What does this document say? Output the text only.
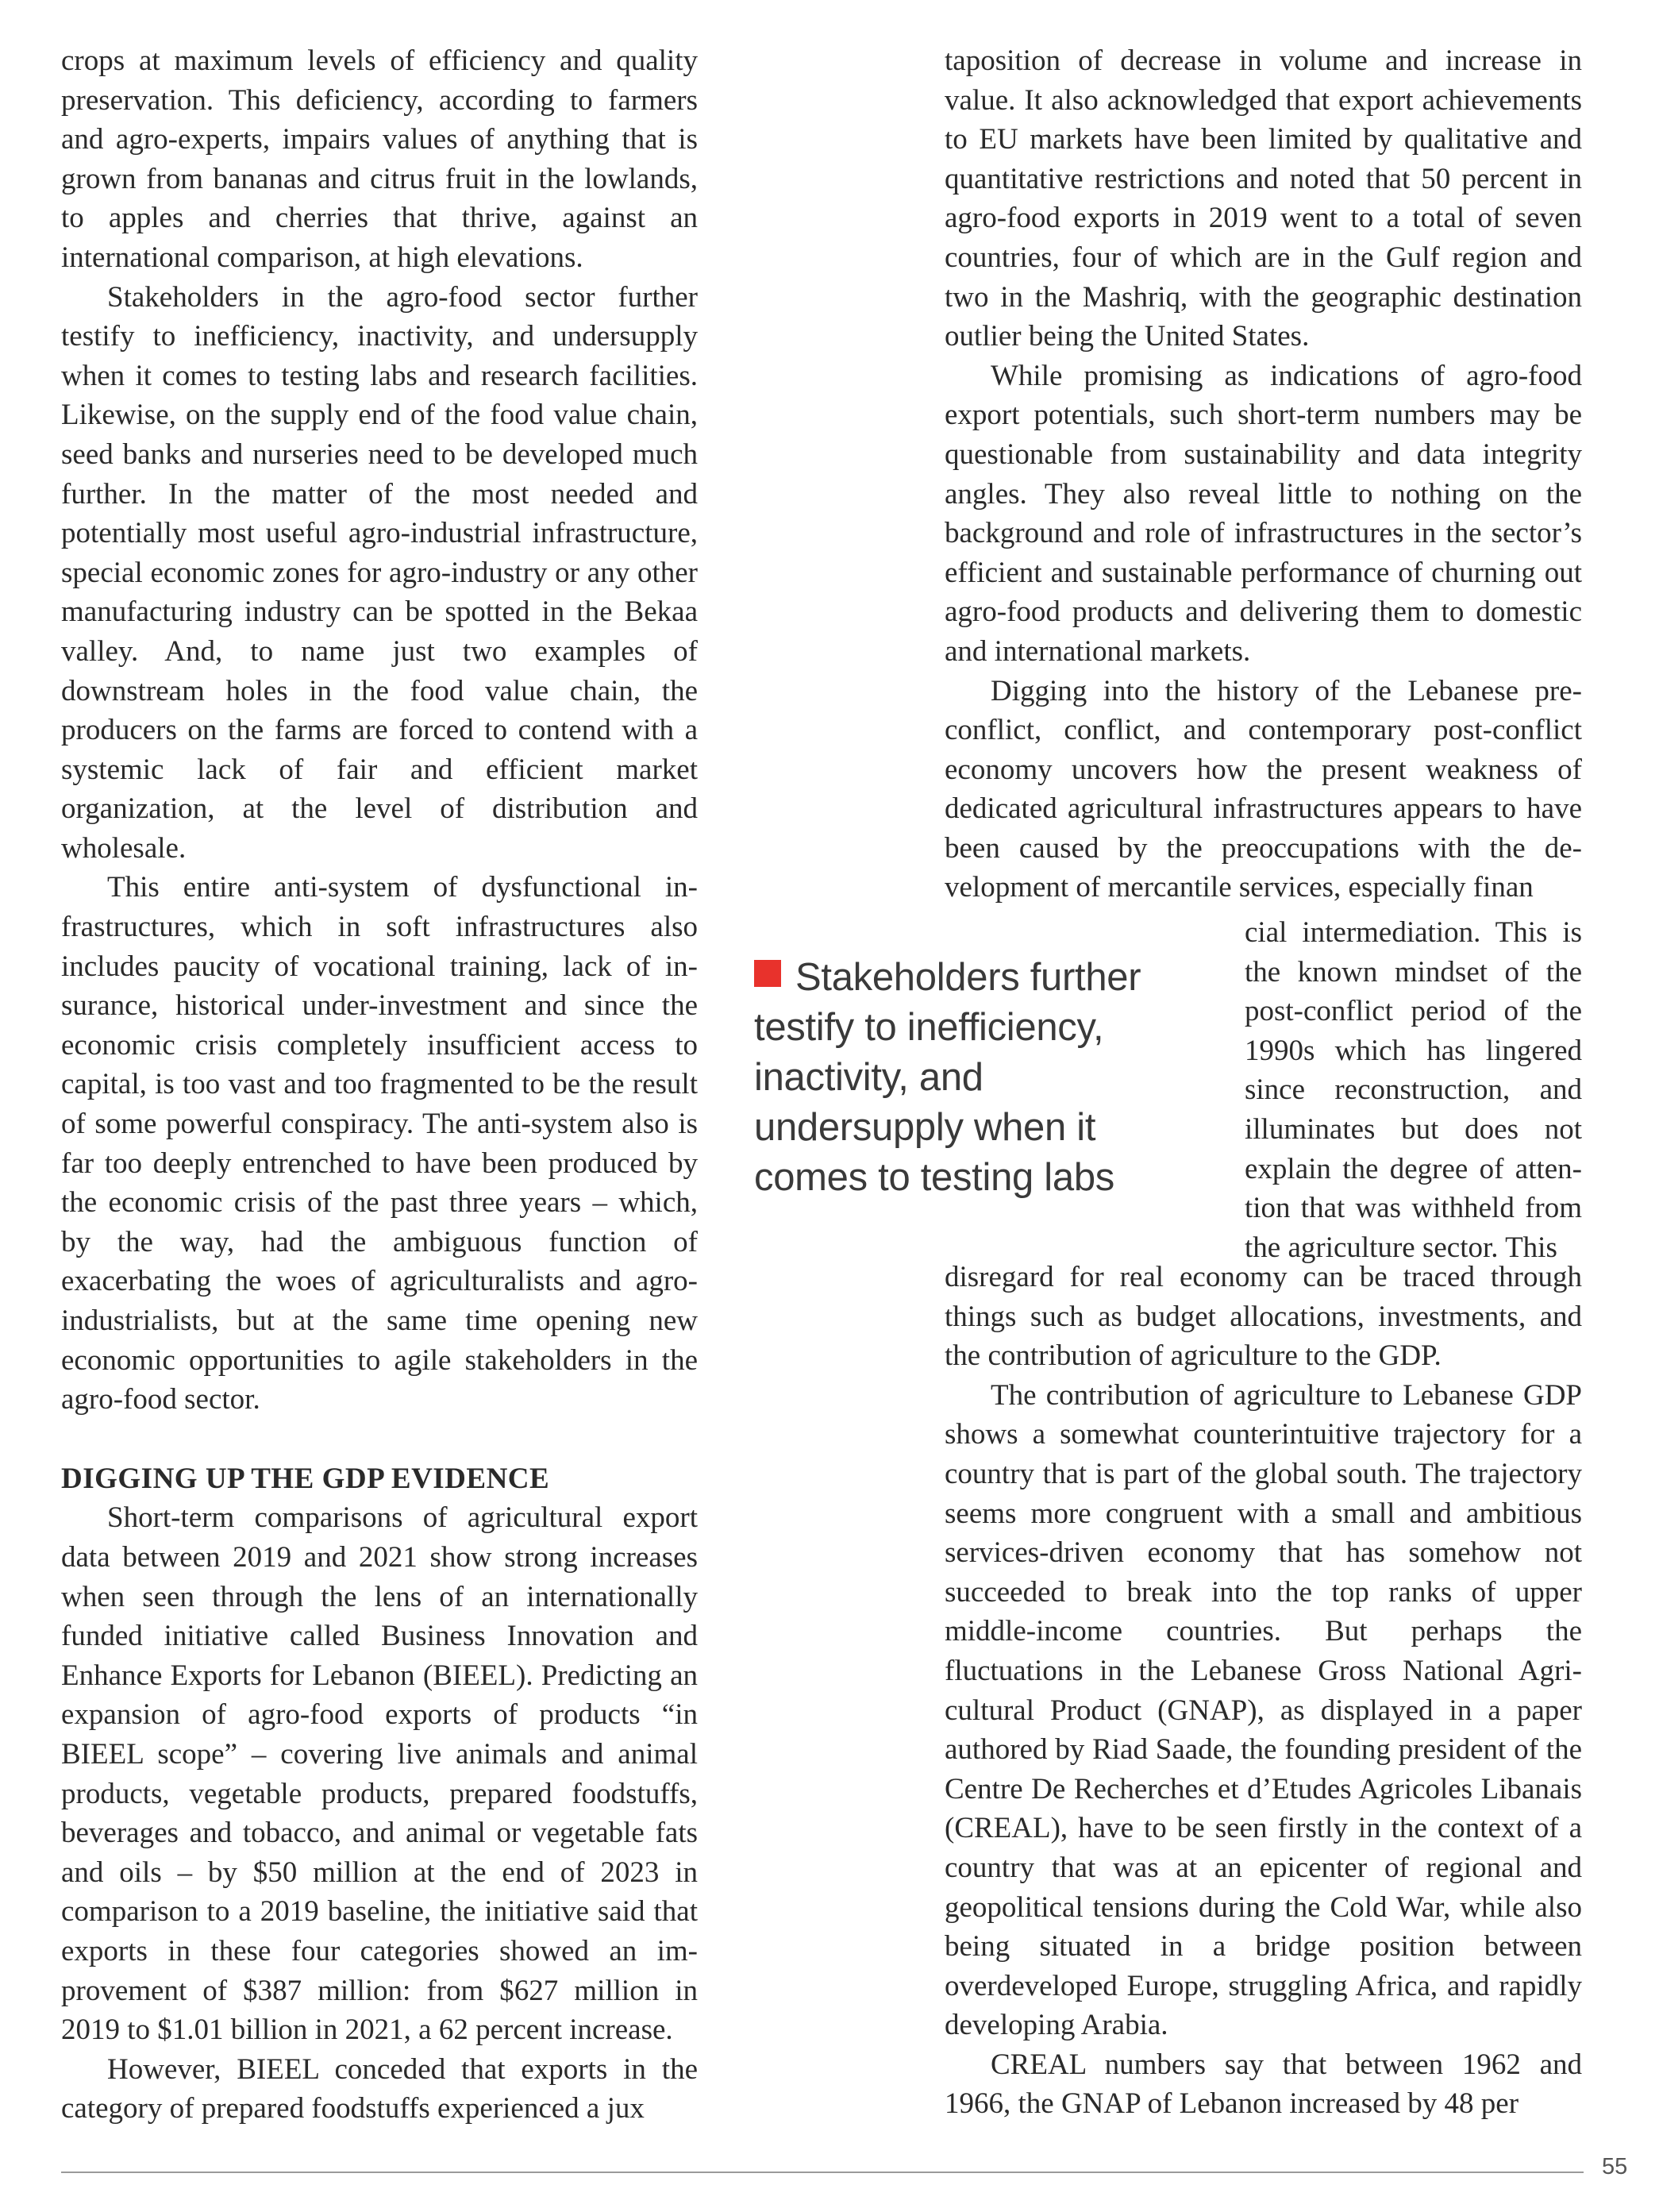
crops at maximum levels of efficiency and quality preservation. This deficiency, according to farmers and agro-experts, impairs values of anything that is grown from bananas and citrus fruit in the lowlands, to apples and cherries that thrive, against an international comparison, at high elevations.

Stakeholders in the agro-food sector further testify to inefficiency, inactivity, and undersupply when it comes to testing labs and research facilities. Likewise, on the supply end of the food value chain, seed banks and nurseries need to be developed much further. In the matter of the most needed and potentially most useful agro-industrial infrastructure, special economic zones for agro-industry or any other manufacturing industry can be spotted in the Bekaa valley. And, to name just two examples of downstream holes in the food value chain, the producers on the farms are forced to contend with a systemic lack of fair and efficient market organization, at the level of distribution and wholesale.

This entire anti-system of dysfunctional infrastructures, which in soft infrastructures also includes paucity of vocational training, lack of insurance, historical under-investment and since the economic crisis completely insufficient access to capital, is too vast and too fragmented to be the result of some powerful conspiracy. The anti-system also is far too deeply entrenched to have been produced by the economic crisis of the past three years – which, by the way, had the ambiguous function of exacerbating the woes of agriculturalists and agro-industrialists, but at the same time opening new economic opportunities to agile stakeholders in the agro-food sector.

DIGGING UP THE GDP EVIDENCE

Short-term comparisons of agricultural export data between 2019 and 2021 show strong increases when seen through the lens of an internationally funded initiative called Business Innovation and Enhance Exports for Lebanon (BIEEL). Predicting an expansion of agro-food exports of products “in BIEEL scope” – covering live animals and animal products, vegetable products, prepared foodstuffs, beverages and tobacco, and animal or vegetable fats and oils – by $50 million at the end of 2023 in comparison to a 2019 baseline, the initiative said that exports in these four categories showed an improvement of $387 million: from $627 million in 2019 to $1.01 billion in 2021, a 62 percent increase.

However, BIEEL conceded that exports in the category of prepared foodstuffs experienced a jux

taposition of decrease in volume and increase in value. It also acknowledged that export achievements to EU markets have been limited by qualitative and quantitative restrictions and noted that 50 percent in agro-food exports in 2019 went to a total of seven countries, four of which are in the Gulf region and two in the Mashriq, with the geographic destination outlier being the United States.

While promising as indications of agro-food export potentials, such short-term numbers may be questionable from sustainability and data integrity angles. They also reveal little to nothing on the background and role of infrastructures in the sector’s efficient and sustainable performance of churning out agro-food products and delivering them to domestic and international markets.

Digging into the history of the Lebanese pre-conflict, conflict, and contemporary post-conflict economy uncovers how the present weakness of dedicated agricultural infrastructures appears to have been caused by the preoccupations with the development of mercantile services, especially finan

cial intermediation. This is the known mindset of the post-conflict period of the 1990s which has lingered since reconstruction, and illuminates but does not explain the degree of attention that was withheld from the agriculture sector. This

Stakeholders further testify to inefficiency, inactivity, and undersupply when it comes to testing labs

disregard for real economy can be traced through things such as budget allocations, investments, and the contribution of agriculture to the GDP.

The contribution of agriculture to Lebanese GDP shows a somewhat counterintuitive trajectory for a country that is part of the global south. The trajectory seems more congruent with a small and ambitious services-driven economy that has somehow not succeeded to break into the top ranks of upper middle-income countries. But perhaps the fluctuations in the Lebanese Gross National Agricultural Product (GNAP), as displayed in a paper authored by Riad Saade, the founding president of the Centre De Recherches et d’Etudes Agricoles Libanais (CREAL), have to be seen firstly in the context of a country that was at an epicenter of regional and geopolitical tensions during the Cold War, while also being situated in a bridge position between overdeveloped Europe, struggling Africa, and rapidly developing Arabia.

CREAL numbers say that between 1962 and 1966, the GNAP of Lebanon increased by 48 per

55
